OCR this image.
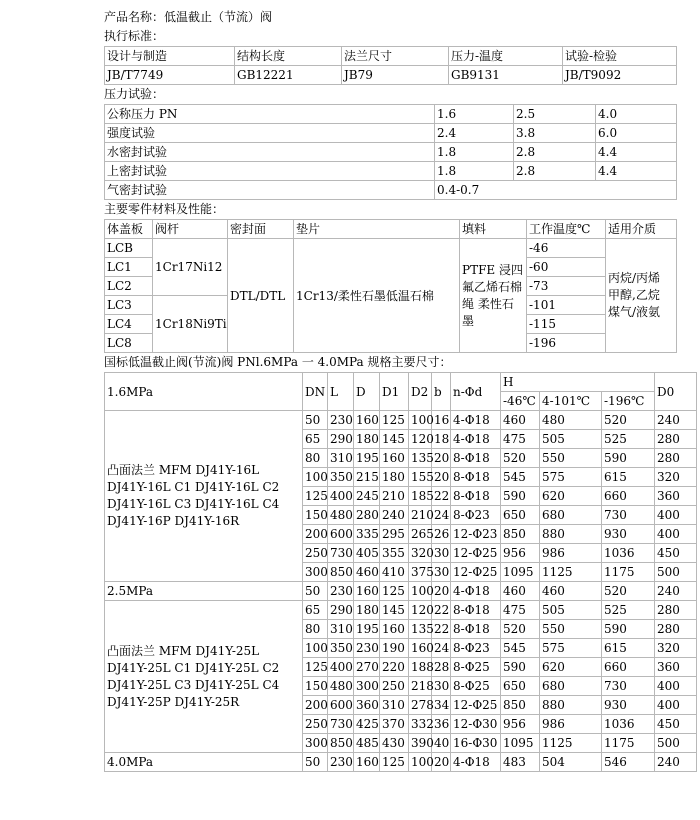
产品名称：低温截止（节流）阀
执行标准：
设计与制造	结构长度	法兰尺寸	压力-温度	试验-检验
JB/T7749	GB12221	JB79	GB9131	JB/T9092
压力试验：
公称压力 PN	1.6	2.5	4.0
强度试验	2.4	3.8	6.0
水密封试验	1.8	2.8	4.4
上密封试验	1.8	2.8	4.4
气密封试验	0.4-0.7		
主要零件材料及性能：
体盖板	阀杆	密封面	垫片	填料	工作温度℃	适用介质
LCB	1Cr17Ni12	DTL/DTL	1Cr13/柔性石墨低温石棉	PTFE 浸四氟乙烯石棉绳 柔性石墨	-46	丙烷/丙烯 甲醇,乙烷 煤气/液氨
LC1					-60	
LC2					-73	
LC3	1Cr18Ni9Ti				-101	
LC4					-115	
LC8					-196	
国标低温截止阀(节流)阀 PNl.6MPa 一 4.0MPa 规格主要尺寸：
1.6MPa	DN	L	D	D1	D2	b	n-Φd	H			D0
								-46℃	4-101℃	-196℃	
凸面法兰 MFM DJ41Y-16L DJ41Y-16L C1 DJ41Y-16L C2 DJ41Y-16L C3 DJ41Y-16L C4 DJ41Y-16P DJ41Y-16R	50	230	160	125	100	16	4-Φ18	460	480	520	240
	65	290	180	145	120	18	4-Φ18	475	505	525	280
	80	310	195	160	135	20	8-Φ18	520	550	590	280
	100	350	215	180	155	20	8-Φ18	545	575	615	320
	125	400	245	210	185	22	8-Φ18	590	620	660	360
	150	480	280	240	210	24	8-Φ23	650	680	730	400
	200	600	335	295	265	26	12-Φ23	850	880	930	400
	250	730	405	355	320	30	12-Φ25	956	986	1036	450
	300	850	460	410	375	30	12-Φ25	1095	1125	1175	500
2.5MPa	50	230	160	125	100	20	4-Φ18	460	460	520	240
凸面法兰 MFM DJ41Y-25L DJ41Y-25L C1 DJ41Y-25L C2 DJ41Y-25L C3 DJ41Y-25L C4 DJ41Y-25P DJ41Y-25R	65	290	180	145	120	22	8-Φ18	475	505	525	280
	80	310	195	160	135	22	8-Φ18	520	550	590	280
	100	350	230	190	160	24	8-Φ23	545	575	615	320
	125	400	270	220	188	28	8-Φ25	590	620	660	360
	150	480	300	250	218	30	8-Φ25	650	680	730	400
	200	600	360	310	278	34	12-Φ25	850	880	930	400
	250	730	425	370	332	36	12-Φ30	956	986	1036	450
	300	850	485	430	390	40	16-Φ30	1095	1125	1175	500
4.0MPa	50	230	160	125	100	20	4-Φ18	483	504	546	240
